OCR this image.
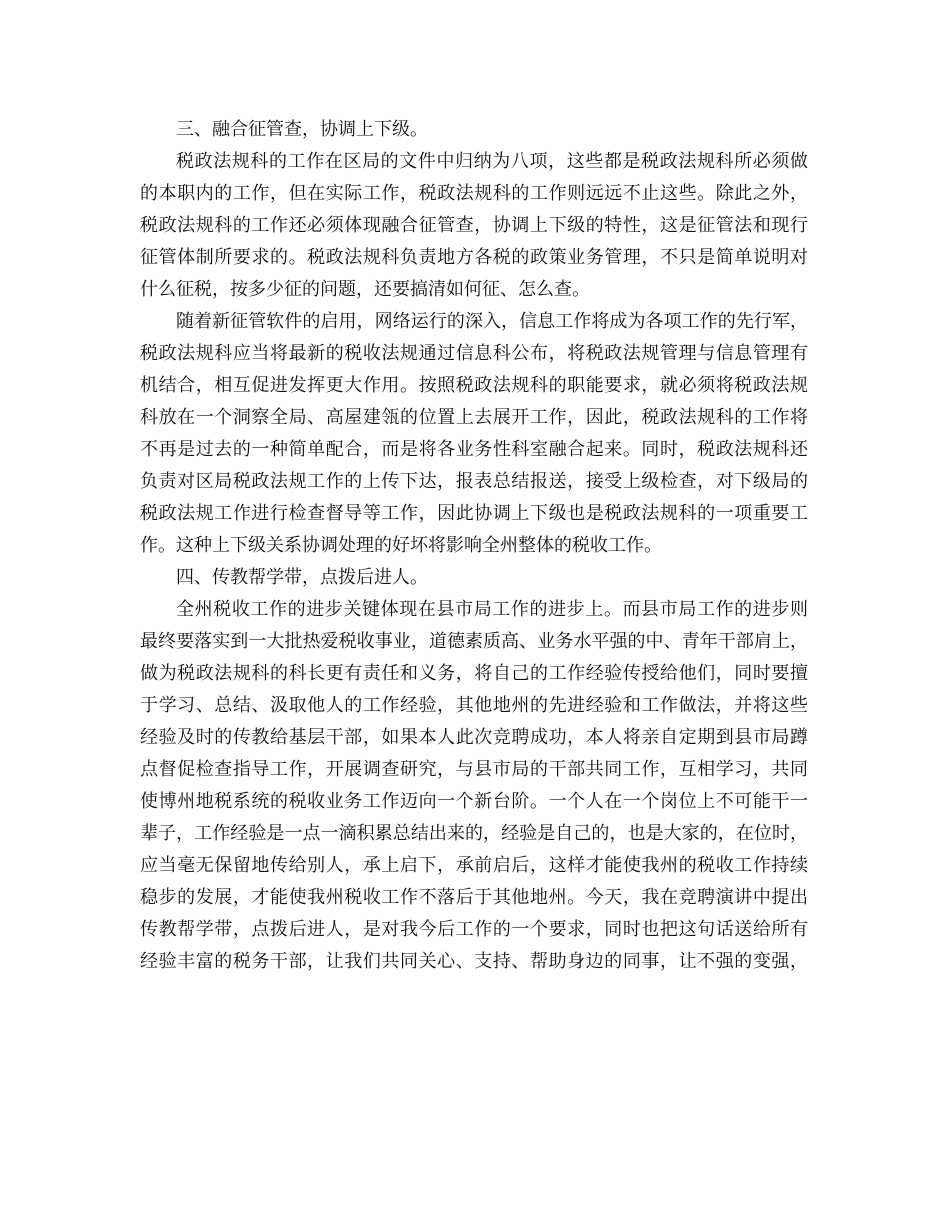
三、融合征管查，协调上下级。
税政法规科的工作在区局的文件中归纳为八项，这些都是税政法规科所必须做
的本职内的工作，但在实际工作，税政法规科的工作则远远不止这些。除此之外，
税政法规科的工作还必须体现融合征管查，协调上下级的特性，这是征管法和现行
征管体制所要求的。税政法规科负责地方各税的政策业务管理，不只是简单说明对
什么征税，按多少征的问题，还要搞清如何征、怎么查。
随着新征管软件的启用，网络运行的深入，信息工作将成为各项工作的先行军，
税政法规科应当将最新的税收法规通过信息科公布，将税政法规管理与信息管理有
机结合，相互促进发挥更大作用。按照税政法规科的职能要求，就必须将税政法规
科放在一个洞察全局、高屋建瓴的位置上去展开工作，因此，税政法规科的工作将
不再是过去的一种简单配合，而是将各业务性科室融合起来。同时，税政法规科还
负责对区局税政法规工作的上传下达，报表总结报送，接受上级检查，对下级局的
税政法规工作进行检查督导等工作，因此协调上下级也是税政法规科的一项重要工
作。这种上下级关系协调处理的好坏将影响全州整体的税收工作。
四、传教帮学带，点拨后进人。
全州税收工作的进步关键体现在县市局工作的进步上。而县市局工作的进步则
最终要落实到一大批热爱税收事业，道德素质高、业务水平强的中、青年干部肩上，
做为税政法规科的科长更有责任和义务，将自己的工作经验传授给他们，同时要擅
于学习、总结、汲取他人的工作经验，其他地州的先进经验和工作做法，并将这些
经验及时的传教给基层干部，如果本人此次竞聘成功，本人将亲自定期到县市局蹲
点督促检查指导工作，开展调查研究，与县市局的干部共同工作，互相学习，共同
使博州地税系统的税收业务工作迈向一个新台阶。一个人在一个岗位上不可能干一
辈子，工作经验是一点一滴积累总结出来的，经验是自己的，也是大家的，在位时，
应当毫无保留地传给别人，承上启下，承前启后，这样才能使我州的税收工作持续
稳步的发展，才能使我州税收工作不落后于其他地州。今天，我在竞聘演讲中提出
传教帮学带，点拨后进人，是对我今后工作的一个要求，同时也把这句话送给所有
经验丰富的税务干部，让我们共同关心、支持、帮助身边的同事，让不强的变强，
